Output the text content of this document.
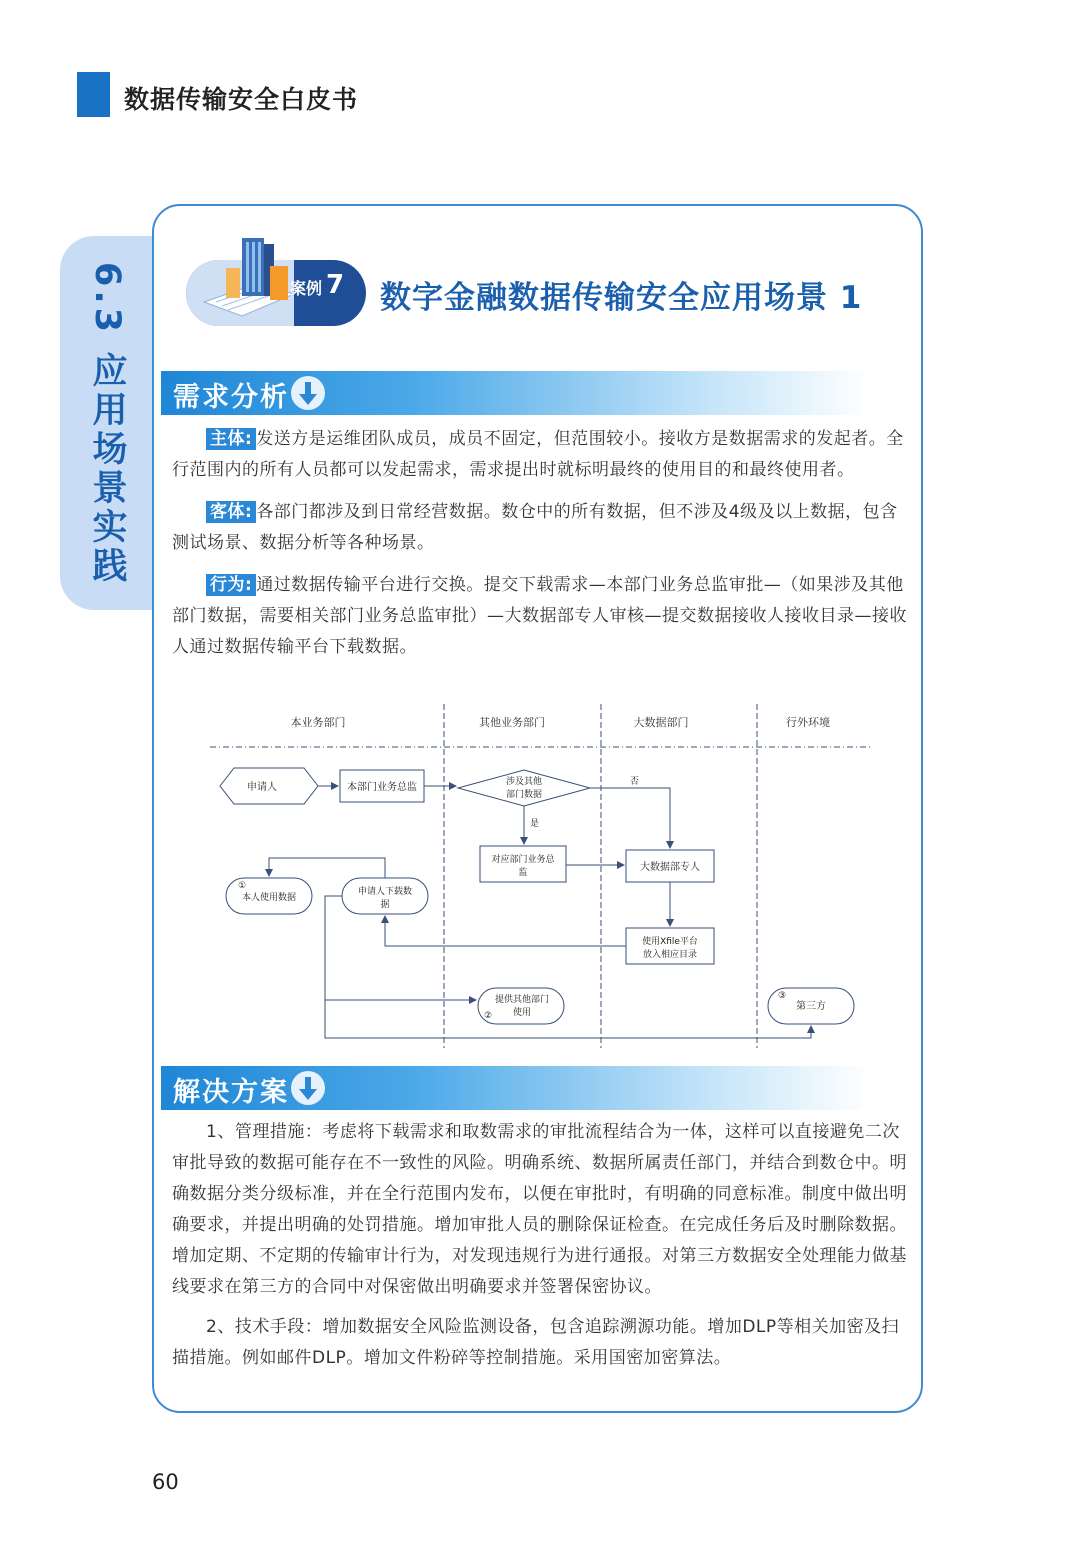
数据传输安全白皮书
6.3 应用场景实践	案例 7 数字金融数据传输安全应用场景 1
需求分析
主体: 发送方是运维团队成员，成员不固定，但范围较小。接收方是数据需求的发起者。全行范围内的所有人员都可以发起需求，需求提出时就标明最终的使用目的和最终使用者。
客体: 各部门都涉及到日常经营数据。数仓中的所有数据，但不涉及4级及以上数据，包含测试场景、数据分析等各种场景。
行为: 通过数据传输平台进行交换。提交下载需求—本部门业务总监审批—（如果涉及其他部门数据，需要相关部门业务总监审批）—大数据部专人审核—提交数据接收人接收目录—接收人通过数据传输平台下载数据。
本业务部门	其他业务部门	大数据部门	行外环境
申请人	本部门业务总监	涉及其他
部门数据
对应部门业务总
监	大数据部专人
使用Xfile平台
放入相应目录
申请人下载数
据
①
本人使用数据
提供其他部门
使用
②
③
第三方
否
是
解决方案
1、管理措施：考虑将下载需求和取数需求的审批流程结合为一体，这样可以直接避免二次审批导致的数据可能存在不一致性的风险。明确系统、数据所属责任部门，并结合到数仓中。明确数据分类分级标准，并在全行范围内发布，以便在审批时，有明确的同意标准。制度中做出明确要求，并提出明确的处罚措施。增加审批人员的删除保证检查。在完成任务后及时删除数据。增加定期、不定期的传输审计行为，对发现违规行为进行通报。对第三方数据安全处理能力做基线要求在第三方的合同中对保密做出明确要求并签署保密协议。
2、技术手段：增加数据安全风险监测设备，包含追踪溯源功能。增加DLP等相关加密及扫描措施。例如邮件DLP。增加文件粉碎等控制措施。采用国密加密算法。
60
